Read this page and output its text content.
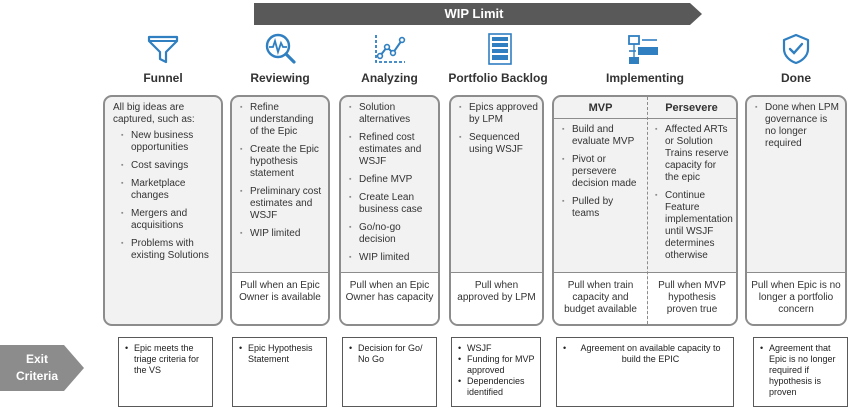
WIP Limit
Funnel	Reviewing	Analyzing	Portfolio Backlog	Implementing	Done
All big ideas are captured, such as:
▪ New business opportunities
▪ Cost savings
▪ Marketplace changes
▪ Mergers and acquisitions
▪ Problems with existing Solutions
▪ Refine understanding of the Epic
▪ Create the Epic hypothesis statement
▪ Preliminary cost estimates and WSJF
▪ WIP limited
Pull when an Epic Owner is available
▪ Solution alternatives
▪ Refined cost estimates and WSJF
▪ Define MVP
▪ Create Lean business case
▪ Go/no-go decision
▪ WIP limited
Pull when an Epic Owner has capacity
▪ Epics approved by LPM
▪ Sequenced using WSJF
Pull when approved by LPM
MVP	Persevere
▪ Build and evaluate MVP
▪ Pivot or persevere decision made
▪ Pulled by teams
▪ Affected ARTs or Solution Trains reserve capacity for the epic
▪ Continue Feature implementation until WSJF determines otherwise
Pull when train capacity and budget available
Pull when MVP hypothesis proven true
▪ Done when LPM governance is no longer required
Pull when Epic is no longer a portfolio concern
Exit
Criteria
• Epic meets the triage criteria for the VS
• Epic Hypothesis Statement
• Decision for Go/ No Go
• WSJF
• Funding for MVP approved
• Dependencies identified
• Agreement on available capacity to build the EPIC
• Agreement that Epic is no longer required if hypothesis is proven
